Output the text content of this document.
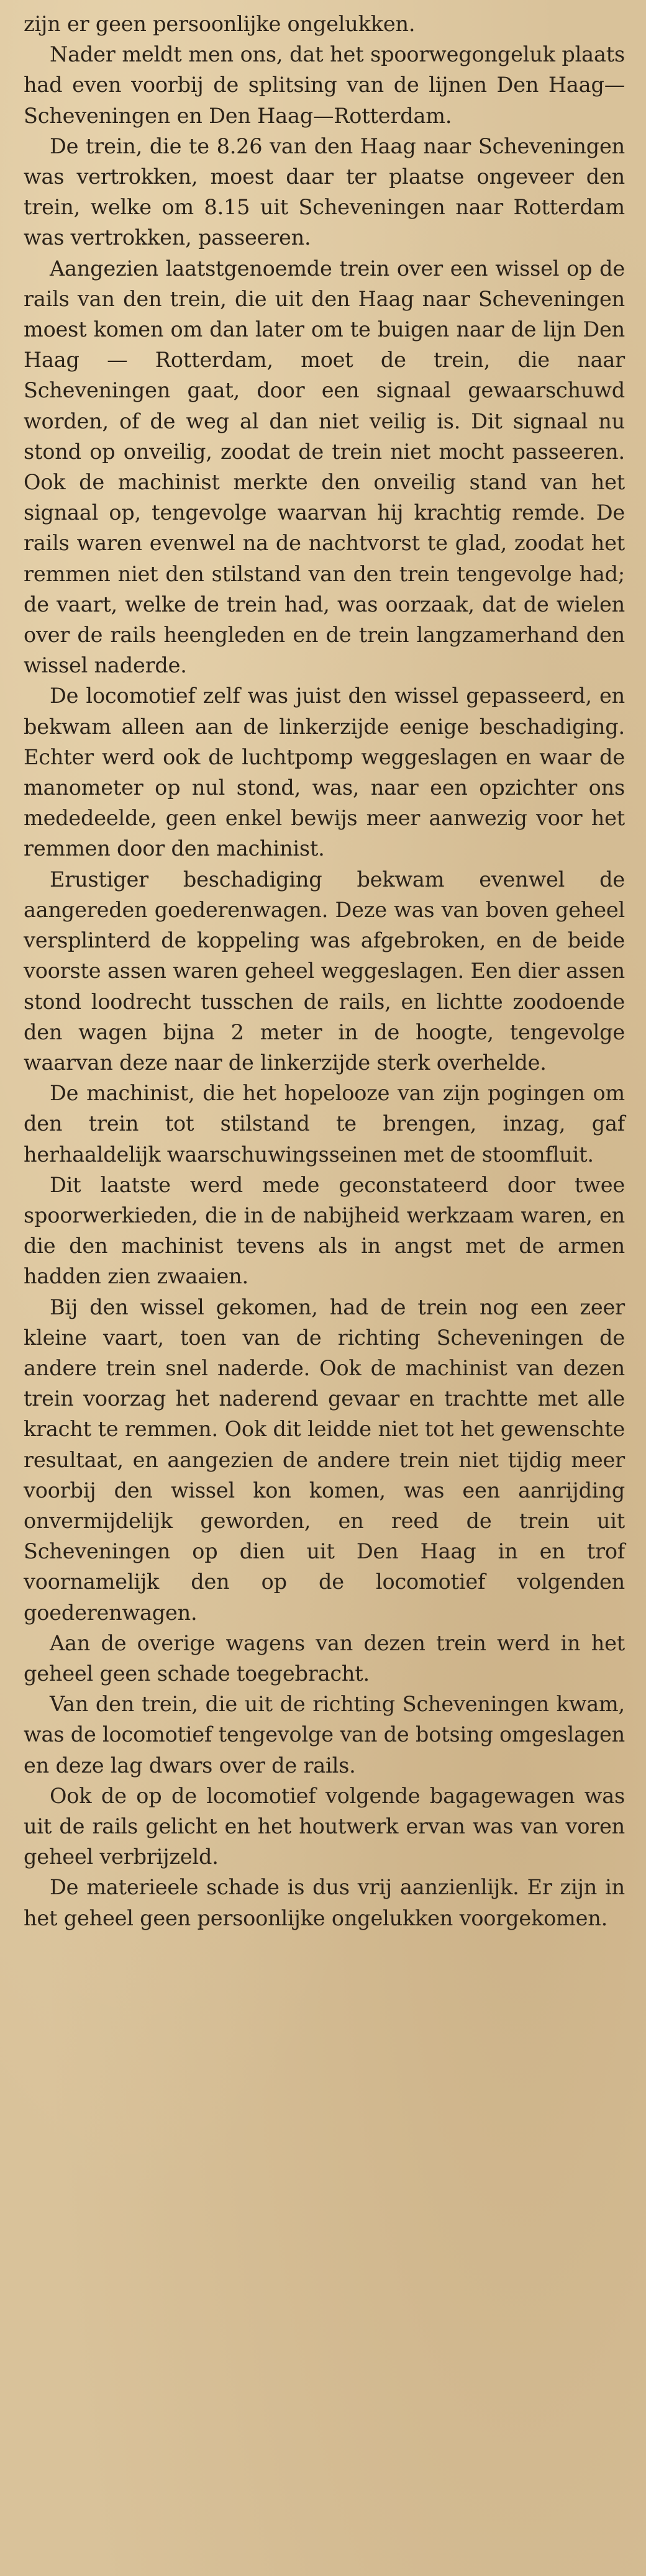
zijn er geen persoonlijke ongelukken.

Nader meldt men ons, dat het spoorwegongeluk plaats had even voorbij de splitsing van de lijnen Den Haag— Scheveningen en Den Haag—Rotterdam.

De trein, die te 8.26 van den Haag naar Scheveningen was vertrokken, moest daar ter plaatse ongeveer den trein, welke om 8.15 uit Scheveningen naar Rotterdam was vertrokken, passeeren.

Aangezien laatstgenoemde trein over een wissel op de rails van den trein, die uit den Haag naar Scheveningen moest komen om dan later om te buigen naar de lijn Den Haag — Rotterdam, moet de trein, die naar Scheveningen gaat, door een signaal gewaarschuwd worden, of de weg al dan niet veilig is. Dit signaal nu stond op onveilig, zoodat de trein niet mocht passeeren. Ook de machinist merkte den onveilig stand van het signaal op, tengevolge waarvan hij krachtig remde. De rails waren evenwel na de nachtvorst te glad, zoodat het remmen niet den stilstand van den trein tengevolge had; de vaart, welke de trein had, was oorzaak, dat de wielen over de rails heengleden en de trein langzamerhand den wissel naderde.

De locomotief zelf was juist den wissel gepasseerd, en bekwam alleen aan de linkerzijde eenige beschadiging. Echter werd ook de luchtpomp weggeslagen en waar de manometer op nul stond, was, naar een opzichter ons mededeelde, geen enkel bewijs meer aanwezig voor het remmen door den machinist.

Erustiger beschadiging bekwam evenwel de aangereden goederenwagen. Deze was van boven geheel versplinterd de koppeling was afgebroken, en de beide voorste assen waren geheel weggeslagen. Een dier assen stond loodrecht tusschen de rails, en lichtte zoodoende den wagen bijna 2 meter in de hoogte, tengevolge waarvan deze naar de linkerzijde sterk overhelde.

De machinist, die het hopelooze van zijn pogingen om den trein tot stilstand te brengen, inzag, gaf herhaaldelijk waarschuwingsseinen met de stoomfluit.

Dit laatste werd mede geconstateerd door twee spoorwerkieden, die in de nabijheid werkzaam waren, en die den machinist tevens als in angst met de armen hadden zien zwaaien.

Bij den wissel gekomen, had de trein nog een zeer kleine vaart, toen van de richting Scheveningen de andere trein snel naderde. Ook de machinist van dezen trein voorzag het naderend gevaar en trachtte met alle kracht te remmen. Ook dit leidde niet tot het gewenschte resultaat, en aangezien de andere trein niet tijdig meer voorbij den wissel kon komen, was een aanrijding onvermijdelijk geworden, en reed de trein uit Scheveningen op dien uit Den Haag in en trof voornamelijk den op de locomotief volgenden goederenwagen.

Aan de overige wagens van dezen trein werd in het geheel geen schade toegebracht.

Van den trein, die uit de richting Scheveningen kwam, was de locomotief tengevolge van de botsing omgeslagen en deze lag dwars over de rails.

Ook de op de locomotief volgende bagagewagen was uit de rails gelicht en het houtwerk ervan was van voren geheel verbrijzeld.

De materieele schade is dus vrij aanzienlijk. Er zijn in het geheel geen persoonlijke ongelukken voorgekomen.
